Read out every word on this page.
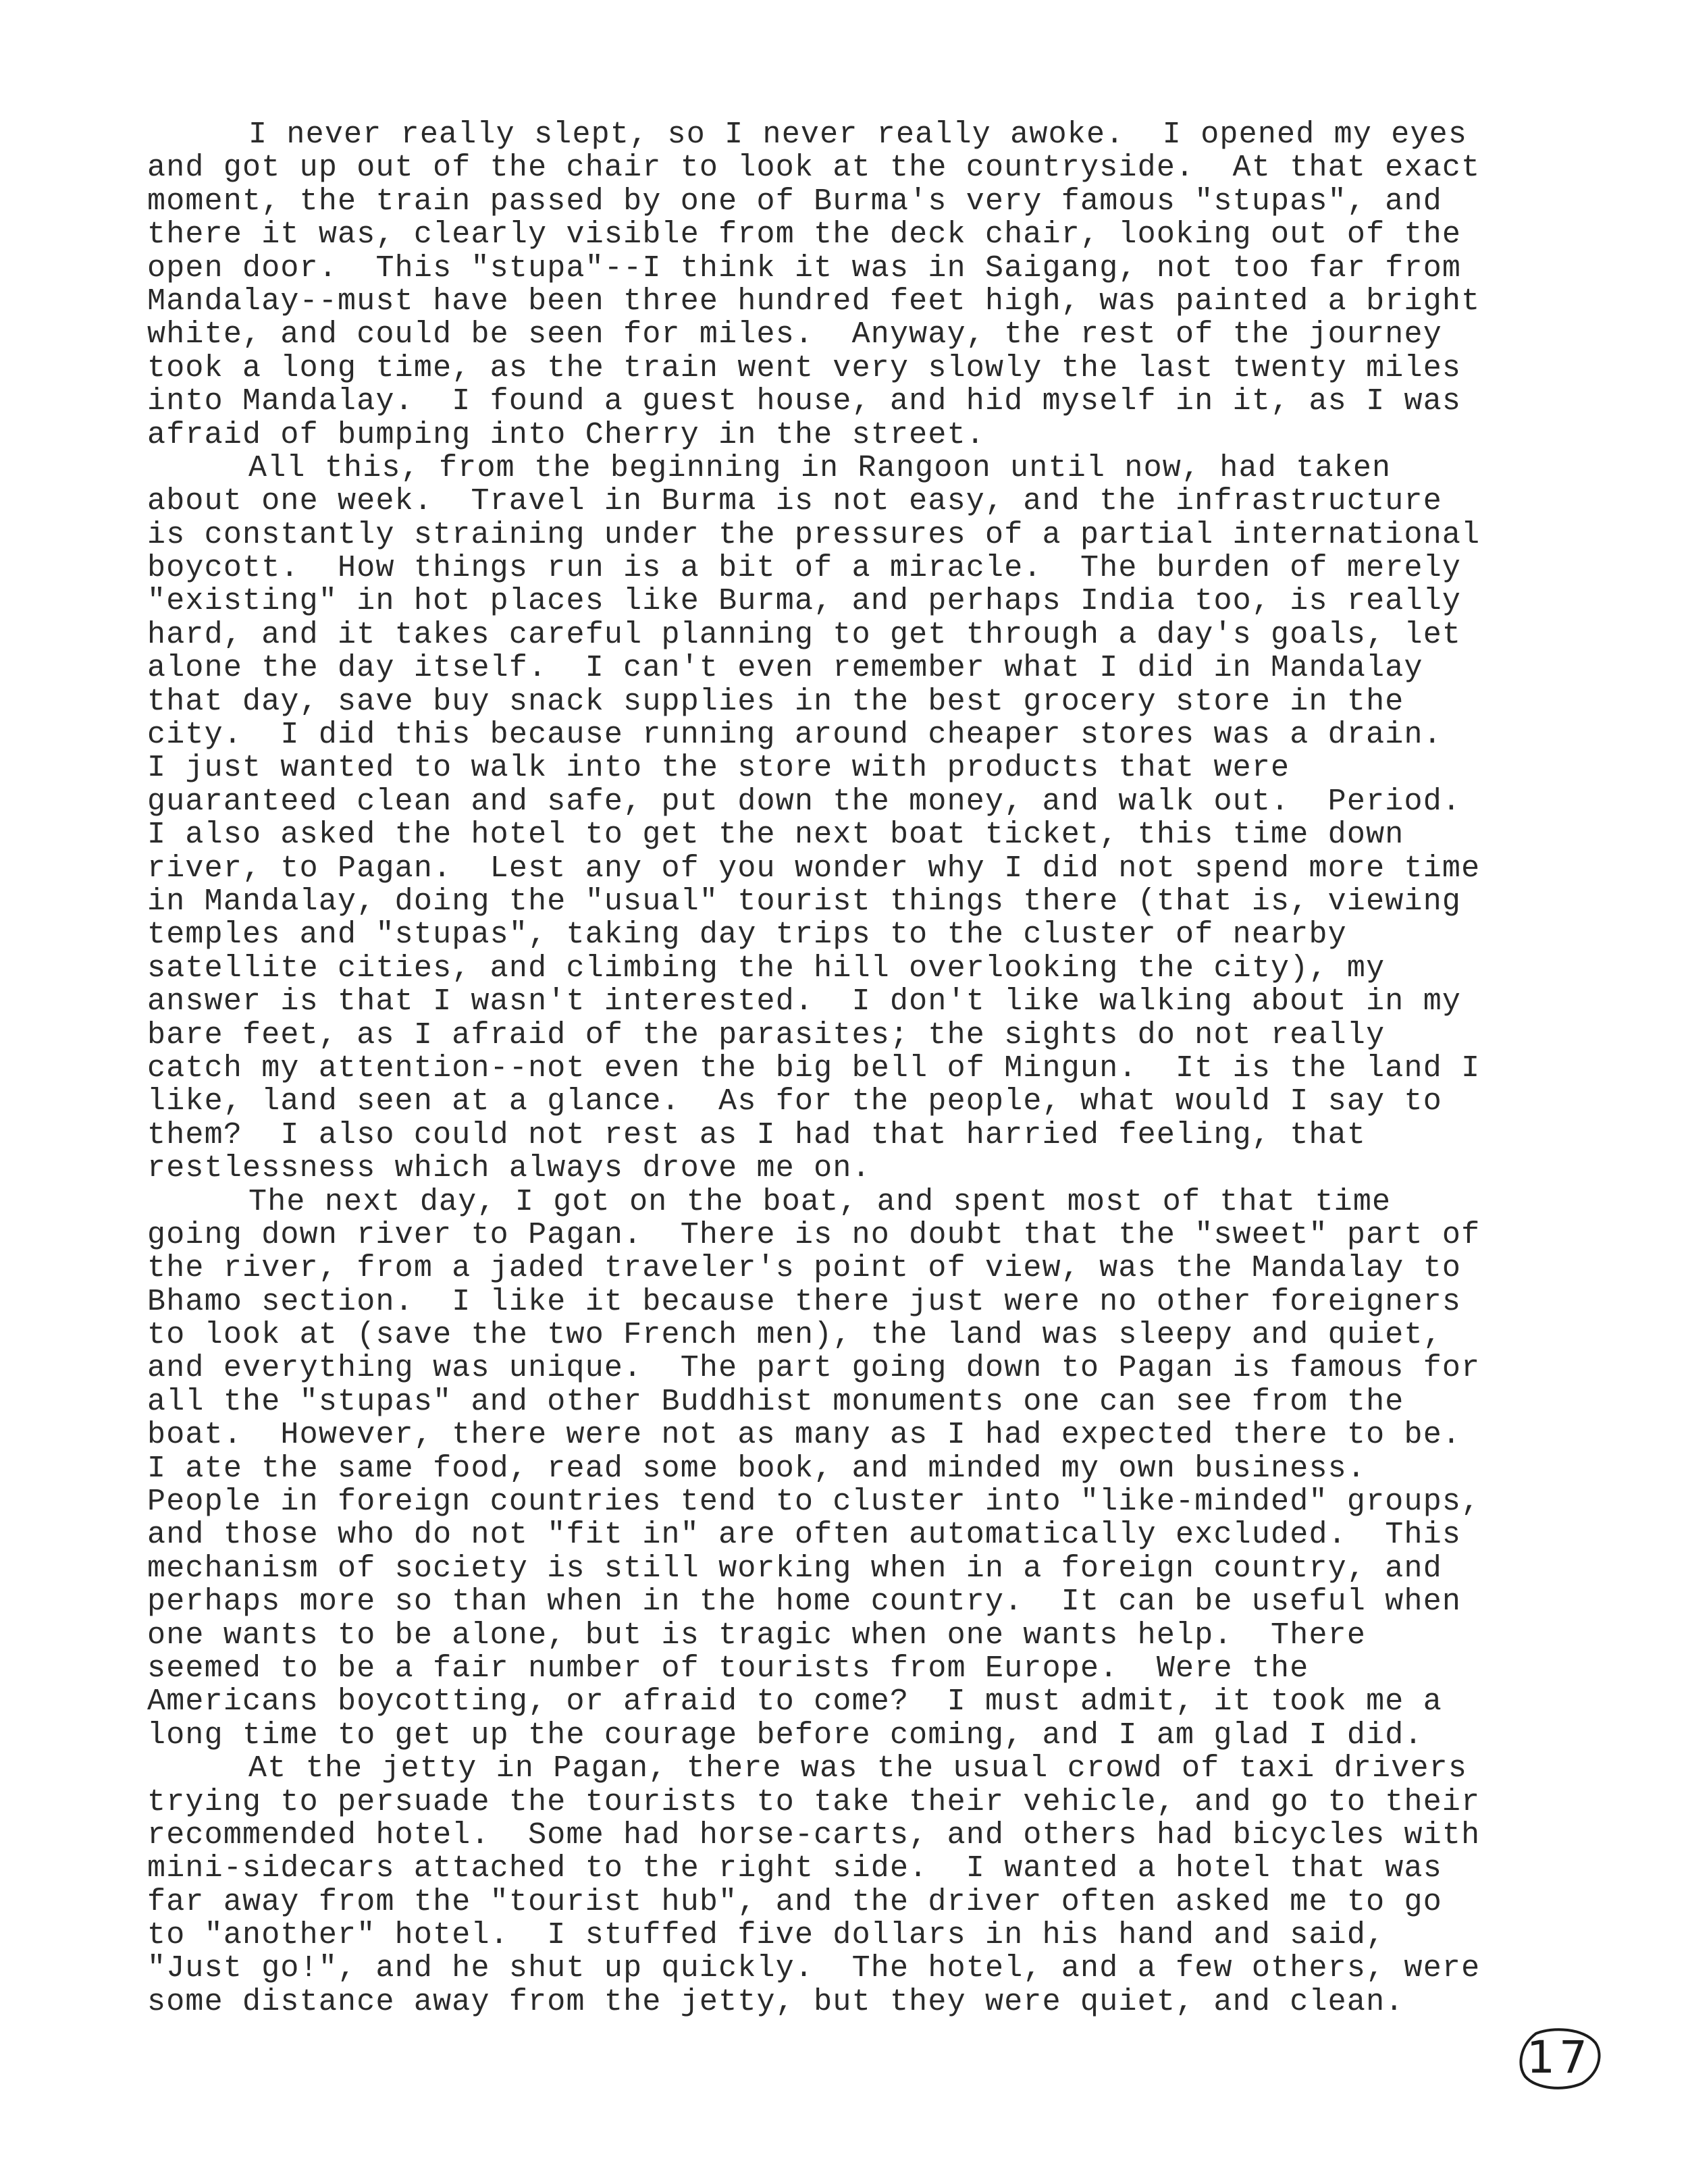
I never really slept, so I never really awoke.  I opened my eyes

and got up out of the chair to look at the countryside.  At that exact

moment, the train passed by one of Burma's very famous "stupas", and

there it was, clearly visible from the deck chair, looking out of the

open door.  This "stupa"--I think it was in Saigang, not too far from

Mandalay--must have been three hundred feet high, was painted a bright

white, and could be seen for miles.  Anyway, the rest of the journey

took a long time, as the train went very slowly the last twenty miles

into Mandalay.  I found a guest house, and hid myself in it, as I was

afraid of bumping into Cherry in the street.

All this, from the beginning in Rangoon until now, had taken

about one week.  Travel in Burma is not easy, and the infrastructure

is constantly straining under the pressures of a partial international

boycott.  How things run is a bit of a miracle.  The burden of merely

"existing" in hot places like Burma, and perhaps India too, is really

hard, and it takes careful planning to get through a day's goals, let

alone the day itself.  I can't even remember what I did in Mandalay

that day, save buy snack supplies in the best grocery store in the

city.  I did this because running around cheaper stores was a drain.

I just wanted to walk into the store with products that were

guaranteed clean and safe, put down the money, and walk out.  Period.

I also asked the hotel to get the next boat ticket, this time down

river, to Pagan.  Lest any of you wonder why I did not spend more time

in Mandalay, doing the "usual" tourist things there (that is, viewing

temples and "stupas", taking day trips to the cluster of nearby

satellite cities, and climbing the hill overlooking the city), my

answer is that I wasn't interested.  I don't like walking about in my

bare feet, as I afraid of the parasites; the sights do not really

catch my attention--not even the big bell of Mingun.  It is the land I

like, land seen at a glance.  As for the people, what would I say to

them?  I also could not rest as I had that harried feeling, that

restlessness which always drove me on.

The next day, I got on the boat, and spent most of that time

going down river to Pagan.  There is no doubt that the "sweet" part of

the river, from a jaded traveler's point of view, was the Mandalay to

Bhamo section.  I like it because there just were no other foreigners

to look at (save the two French men), the land was sleepy and quiet,

and everything was unique.  The part going down to Pagan is famous for

all the "stupas" and other Buddhist monuments one can see from the

boat.  However, there were not as many as I had expected there to be.

I ate the same food, read some book, and minded my own business.

People in foreign countries tend to cluster into "like-minded" groups,

and those who do not "fit in" are often automatically excluded.  This

mechanism of society is still working when in a foreign country, and

perhaps more so than when in the home country.  It can be useful when

one wants to be alone, but is tragic when one wants help.  There

seemed to be a fair number of tourists from Europe.  Were the

Americans boycotting, or afraid to come?  I must admit, it took me a

long time to get up the courage before coming, and I am glad I did.

At the jetty in Pagan, there was the usual crowd of taxi drivers

trying to persuade the tourists to take their vehicle, and go to their

recommended hotel.  Some had horse-carts, and others had bicycles with

mini-sidecars attached to the right side.  I wanted a hotel that was

far away from the "tourist hub", and the driver often asked me to go

to "another" hotel.  I stuffed five dollars in his hand and said,

"Just go!", and he shut up quickly.  The hotel, and a few others, were

some distance away from the jetty, but they were quiet, and clean.

17
